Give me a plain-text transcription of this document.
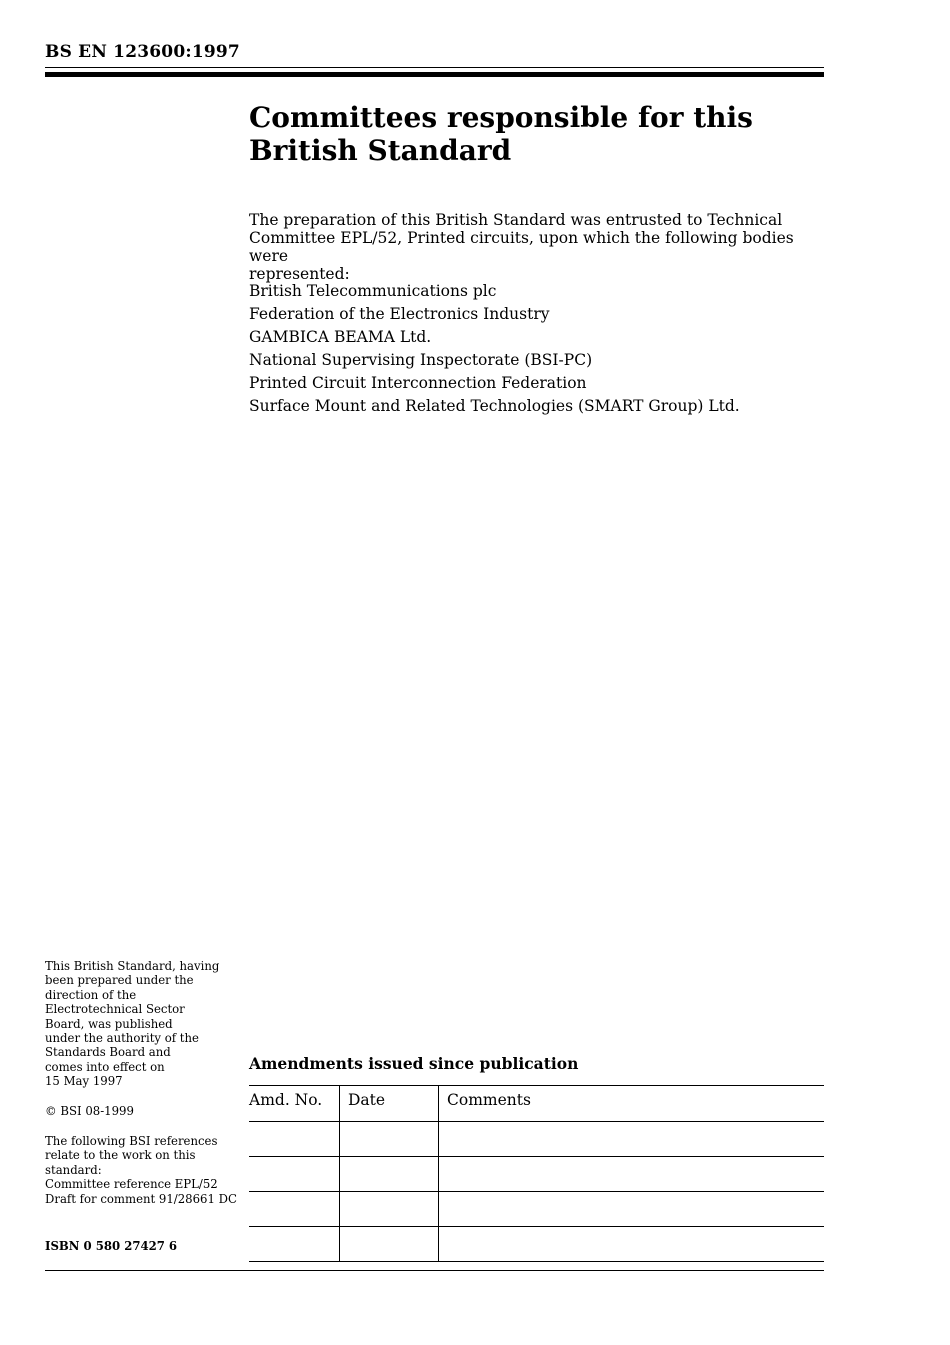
BS EN 123600:1997
Committees responsible for this
British Standard
The preparation of this British Standard was entrusted to Technical
Committee EPL/52, Printed circuits, upon which the following bodies were
represented:
British Telecommunications plc
Federation of the Electronics Industry
GAMBICA BEAMA Ltd.
National Supervising Inspectorate (BSI-PC)
Printed Circuit Interconnection Federation
Surface Mount and Related Technologies (SMART Group) Ltd.

This British Standard, having

been prepared under the

direction of the

Electrotechnical Sector

Board, was published

under the authority of the

Standards Board and

comes into effect on

15 May 1997

© BSI 08-1999

The following BSI references

relate to the work on this

standard:

Committee reference EPL/52

Draft for comment 91/28661 DC

ISBN 0 580 27427 6

Amendments issued since publication
Amd. No.	Date	Comments
